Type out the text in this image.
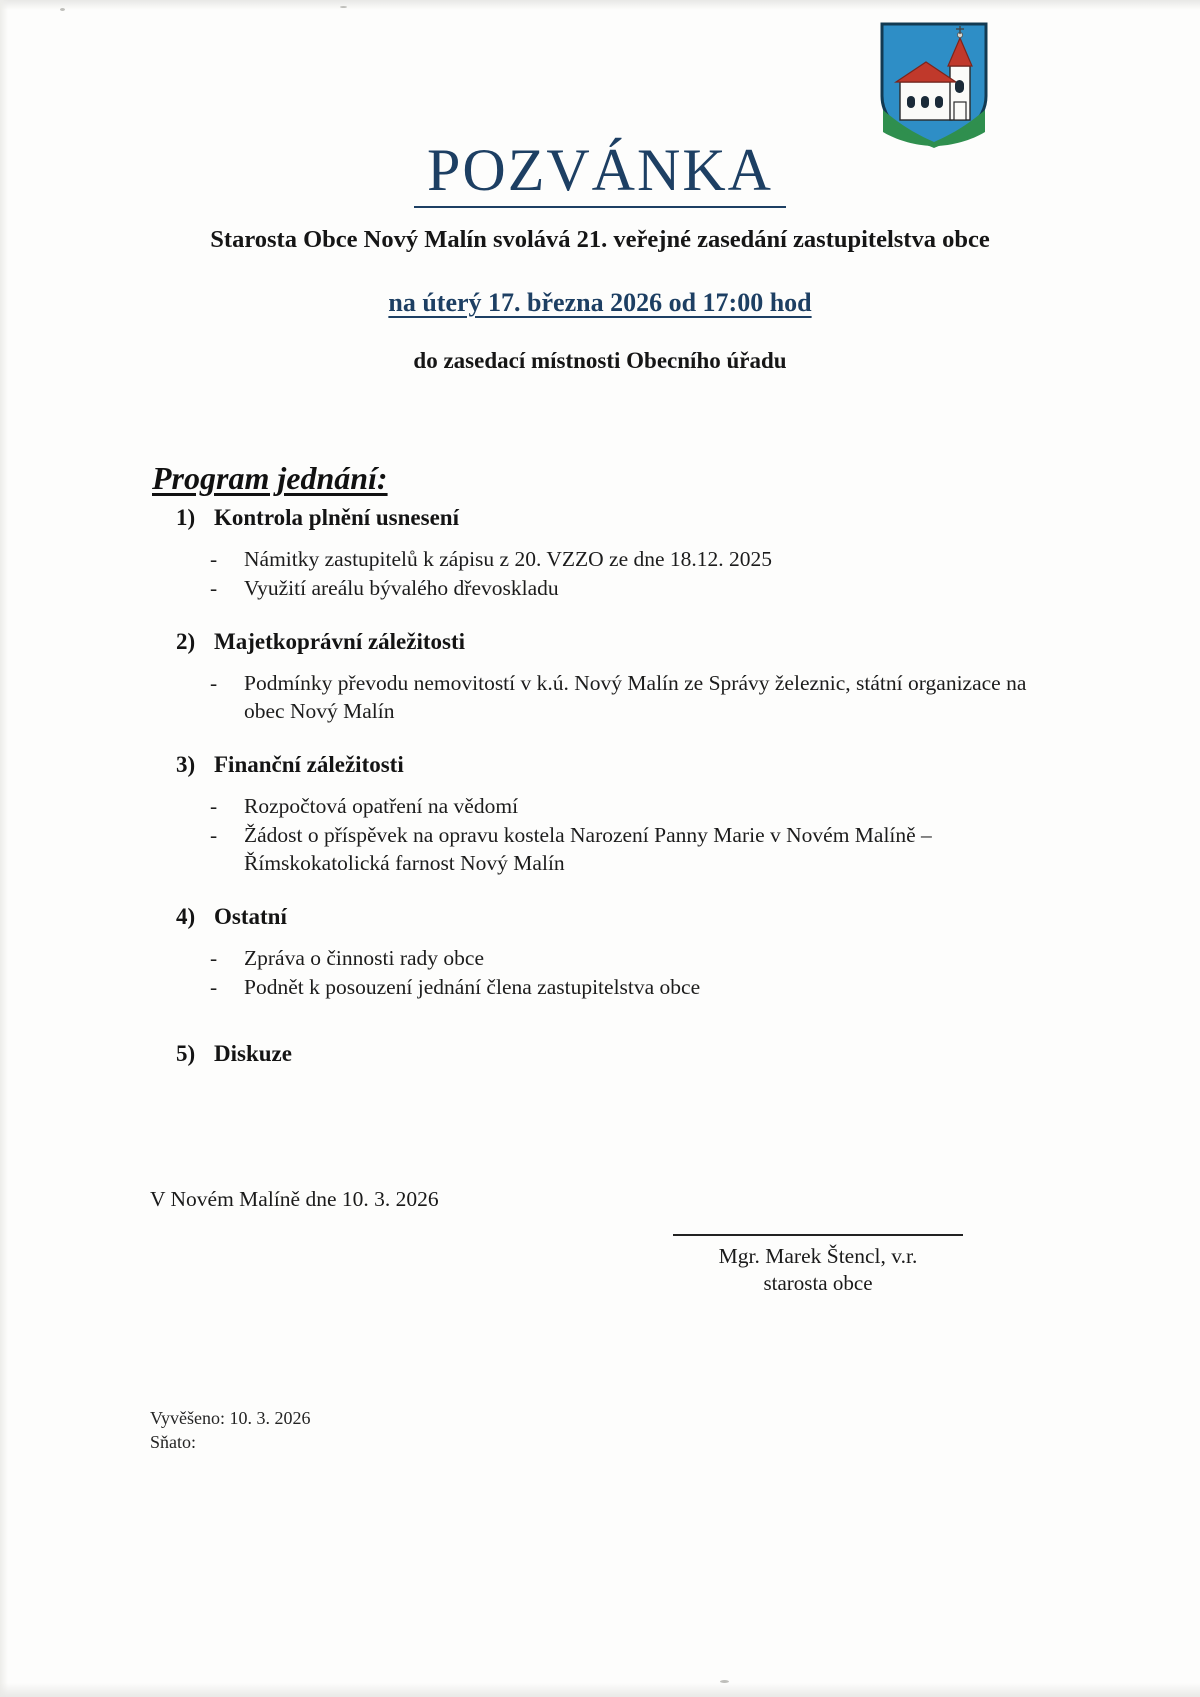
POZVÁNKA
Starosta Obce Nový Malín svolává 21. veřejné zasedání zastupitelstva obce
na úterý 17. března 2026 od 17:00 hod
do zasedací místnosti Obecního úřadu
Program jednání:
1) Kontrola plnění usnesení
-	Námitky zastupitelů k zápisu z 20. VZZO ze dne 18.12. 2025
-	Využití areálu bývalého dřevoskladu
2) Majetkoprávní záležitosti
-	Podmínky převodu nemovitostí v k.ú. Nový Malín ze Správy železnic, státní organizace na obec Nový Malín
3) Finanční záležitosti
-	Rozpočtová opatření na vědomí
-	Žádost o příspěvek na opravu kostela Narození Panny Marie v Novém Malíně – Římskokatolická farnost Nový Malín
4) Ostatní
-	Zpráva o činnosti rady obce
-	Podnět k posouzení jednání člena zastupitelstva obce
5) Diskuze
V Novém Malíně dne 10. 3. 2026
Mgr. Marek Štencl, v.r.
starosta obce
Vyvěšeno: 10. 3. 2026
Sňato:
